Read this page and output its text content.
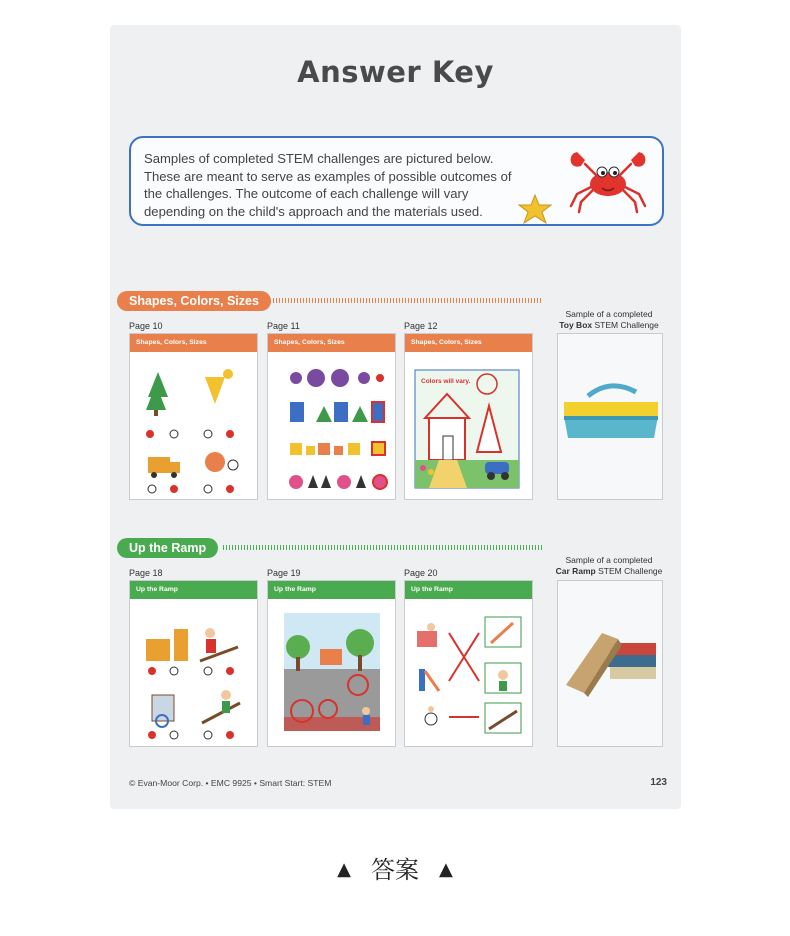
Answer Key
Samples of completed STEM challenges are pictured below. These are meant to serve as examples of possible outcomes of the challenges. The outcome of each challenge will vary depending on the child's approach and the materials used.
Shapes, Colors, Sizes
Page 10	Page 11	Page 12
Shapes, Colors, Sizes	Shapes, Colors, Sizes	Shapes, Colors, Sizes
Colors will vary.
Sample of a completed
Toy Box STEM Challenge
Up the Ramp
Page 18	Page 19	Page 20
Up the Ramp	Up the Ramp	Up the Ramp
Sample of a completed
Car Ramp STEM Challenge
© Evan-Moor Corp. • EMC 9925 • Smart Start: STEM	123
▲ 答案 ▲
